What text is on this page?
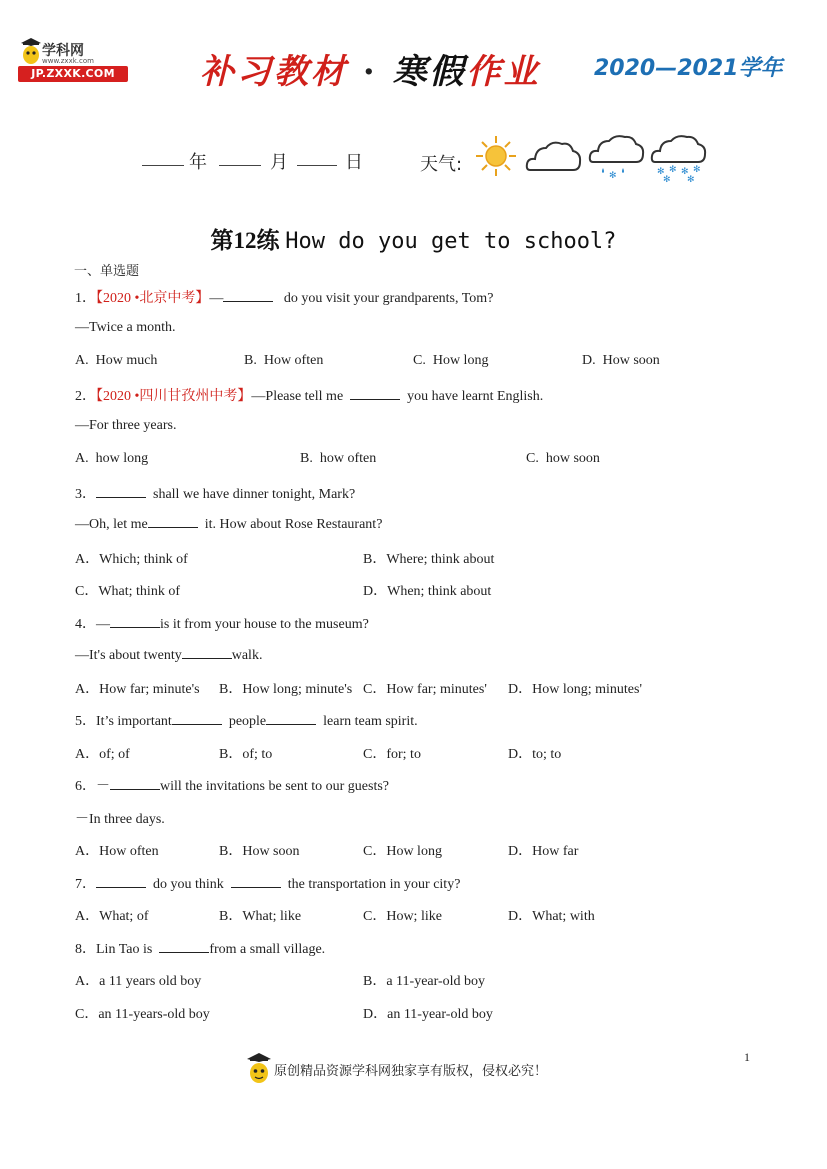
学科网
www.zxxk.com
JP.ZXXK.COM	补习教材 · 寒假作业 2020—2021学年
年	月	日	天气:
✻	✻ ✻ ✻ ✻
✻ ✻
第12练 How do you get to school?
一、单选题
1．【2020 •北京中考】—	do you visit your grandparents, Tom?
—Twice a month.
A.  How much	B.  How often	C.  How long	D.  How soon
2．【2020 •四川甘孜州中考】—Please tell me	you have learnt English.
—For three years.
A.  how long	B.  how often	C.  how soon
3．	shall we have dinner tonight, Mark?
—Oh, let me	it. How about Rose Restaurant?
A．Which; think of	B．Where; think about
C．What; think of	D．When; think about
4．—	is it from your house to the museum?
—It's about twenty	walk.
A．How far; minute's B．How long; minute's C．How far; minutes' D．How long; minutes'
5．It’s important	people	learn team spirit.
A．of; of	B．of; to	C．for; to	D．to; to
6．－	will the invitations be sent to our guests?
－In three days.
A．How often	B．How soon	C．How long	D．How far
7．	do you think	the transportation in your city?
A．What; of	B．What; like	C．How; like	D．What; with
8．Lin Tao is	from a small village.
A．a 11 years old boy	B．a 11-year-old boy
C．an 11-years-old boy	D．an 11-year-old boy
1
原创精品资源学科网独家享有版权，侵权必究！
